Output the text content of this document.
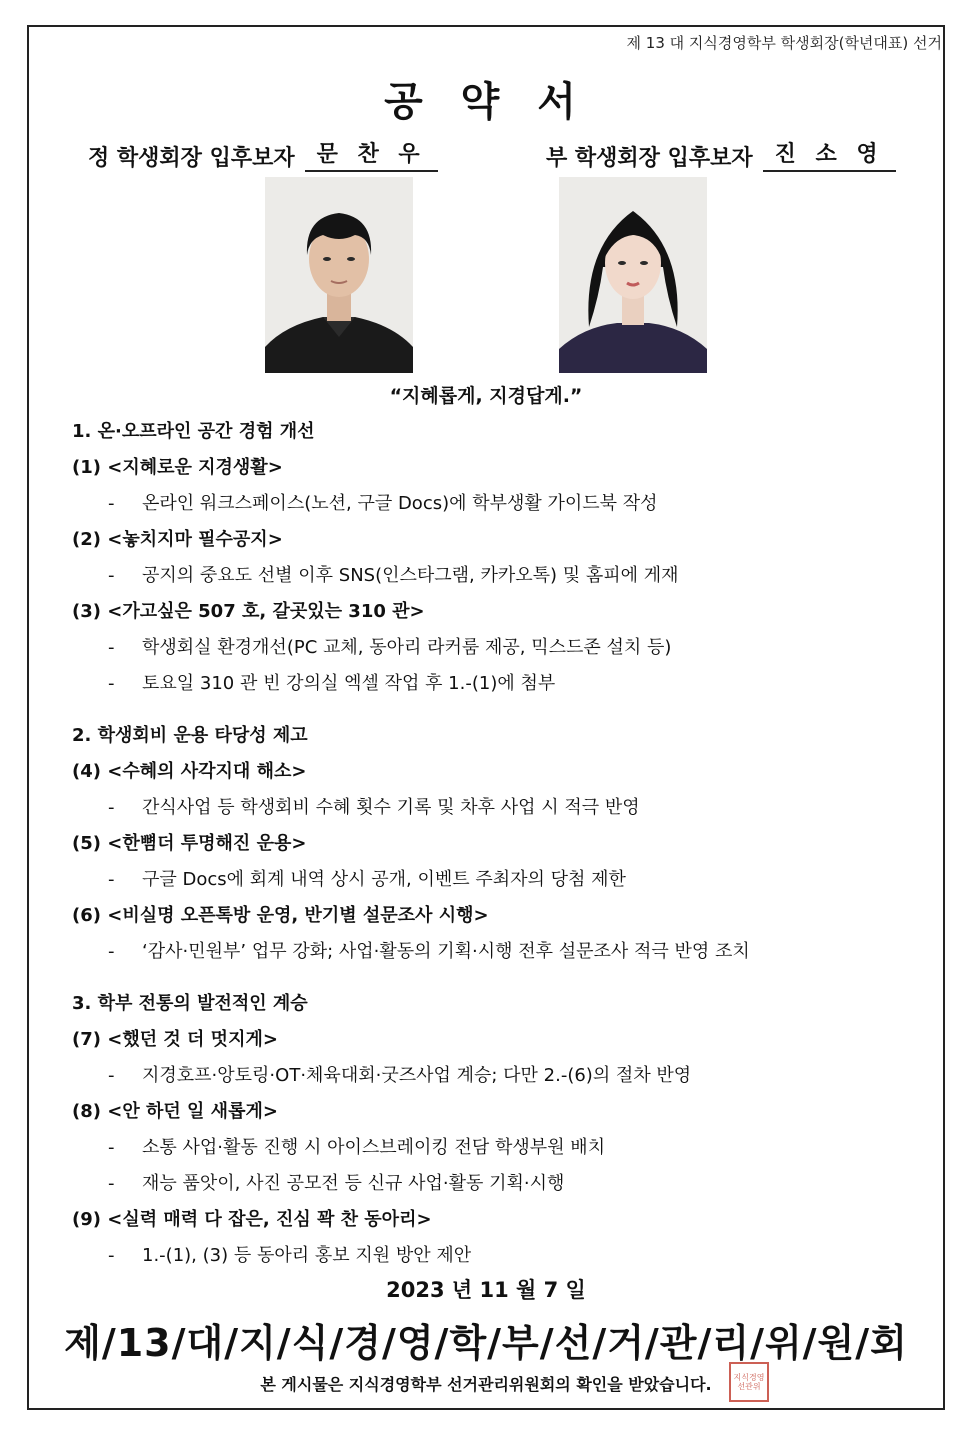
제 13 대 지식경영학부 학생회장(학년대표) 선거
공 약 서
정 학생회장 입후보자	문 찬 우	부 학생회장 입후보자	진 소 영
“지혜롭게, 지경답게.”
1. 온·오프라인 공간 경험 개선
(1) <지혜로운 지경생활>
- 온라인 워크스페이스(노션, 구글 Docs)에 학부생활 가이드북 작성
(2) <놓치지마 필수공지>
- 공지의 중요도 선별 이후 SNS(인스타그램, 카카오톡) 및 홈피에 게재
(3) <가고싶은 507 호, 갈곳있는 310 관>
- 학생회실 환경개선(PC 교체, 동아리 라커룸 제공, 믹스드존 설치 등)
- 토요일 310 관 빈 강의실 엑셀 작업 후 1.-(1)에 첨부
2. 학생회비 운용 타당성 제고
(4) <수혜의 사각지대 해소>
- 간식사업 등 학생회비 수혜 횟수 기록 및 차후 사업 시 적극 반영
(5) <한뼘더 투명해진 운용>
- 구글 Docs에 회계 내역 상시 공개, 이벤트 주최자의 당첨 제한
(6) <비실명 오픈톡방 운영, 반기별 설문조사 시행>
- ‘감사·민원부’ 업무 강화; 사업·활동의 기획·시행 전후 설문조사 적극 반영 조치
3. 학부 전통의 발전적인 계승
(7) <했던 것 더 멋지게>
- 지경호프·앙토링·OT·체육대회·굿즈사업 계승; 다만 2.-(6)의 절차 반영
(8) <안 하던 일 새롭게>
- 소통 사업·활동 진행 시 아이스브레이킹 전담 학생부원 배치
- 재능 품앗이, 사진 공모전 등 신규 사업·활동 기획·시행
(9) <실력 매력 다 잡은, 진심 꽉 찬 동아리>
- 1.-(1), (3) 등 동아리 홍보 지원 방안 제안
2023 년 11 월 7 일
제/13/대/지/식/경/영/학/부/선/거/관/리/위/원/회
본 게시물은 지식경영학부 선거관리위원회의 확인을 받았습니다.	지식경영 선관위
